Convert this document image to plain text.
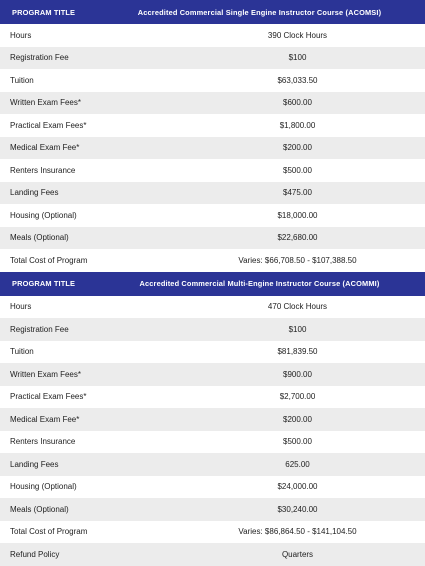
PROGRAM TITLE	Accredited Commercial Single Engine Instructor Course (ACOMSI)
Hours	390 Clock Hours
Registration Fee	$100
Tuition	$63,033.50
Written Exam Fees*	$600.00
Practical Exam Fees*	$1,800.00
Medical Exam Fee*	$200.00
Renters Insurance	$500.00
Landing Fees	$475.00
Housing (Optional)	$18,000.00
Meals (Optional)	$22,680.00
Total Cost of Program	Varies: $66,708.50 - $107,388.50
PROGRAM TITLE	Accredited Commercial Multi-Engine Instructor Course (ACOMMI)
Hours	470 Clock Hours
Registration Fee	$100
Tuition	$81,839.50
Written Exam Fees*	$900.00
Practical Exam Fees*	$2,700.00
Medical Exam Fee*	$200.00
Renters Insurance	$500.00
Landing Fees	625.00
Housing (Optional)	$24,000.00
Meals (Optional)	$30,240.00
Total Cost of Program	Varies: $86,864.50 - $141,104.50
Refund Policy	Quarters
